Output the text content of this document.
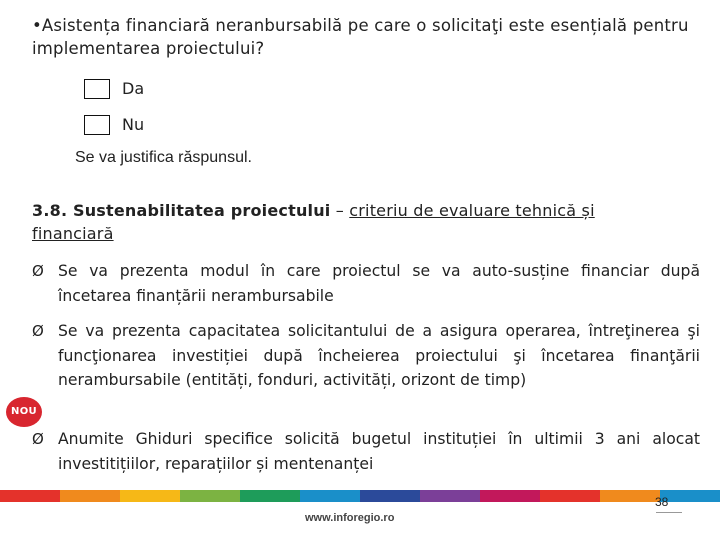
•Asistența financiară neranbursabilă pe care o solicitaţi este esențială pentru implementarea proiectului?
Da
Nu
Se va justifica răspunsul.
3.8. Sustenabilitatea proiectului – criteriu de evaluare tehnică și financiară
Ø Se va prezenta modul în care proiectul se va auto-susține financiar după încetarea finanțării nerambursabile
Ø Se va prezenta capacitatea solicitantului de a asigura operarea, întreţinerea şi funcţionarea investiției după încheierea proiectului şi încetarea finanţării nerambursabile (entități, fonduri, activități, orizont de timp)
NOU
Ø Anumite Ghiduri specifice solicită bugetul instituției în ultimii 3 ani alocat investitițiilor, reparațiilor și mentenanței
38
www.inforegio.ro
